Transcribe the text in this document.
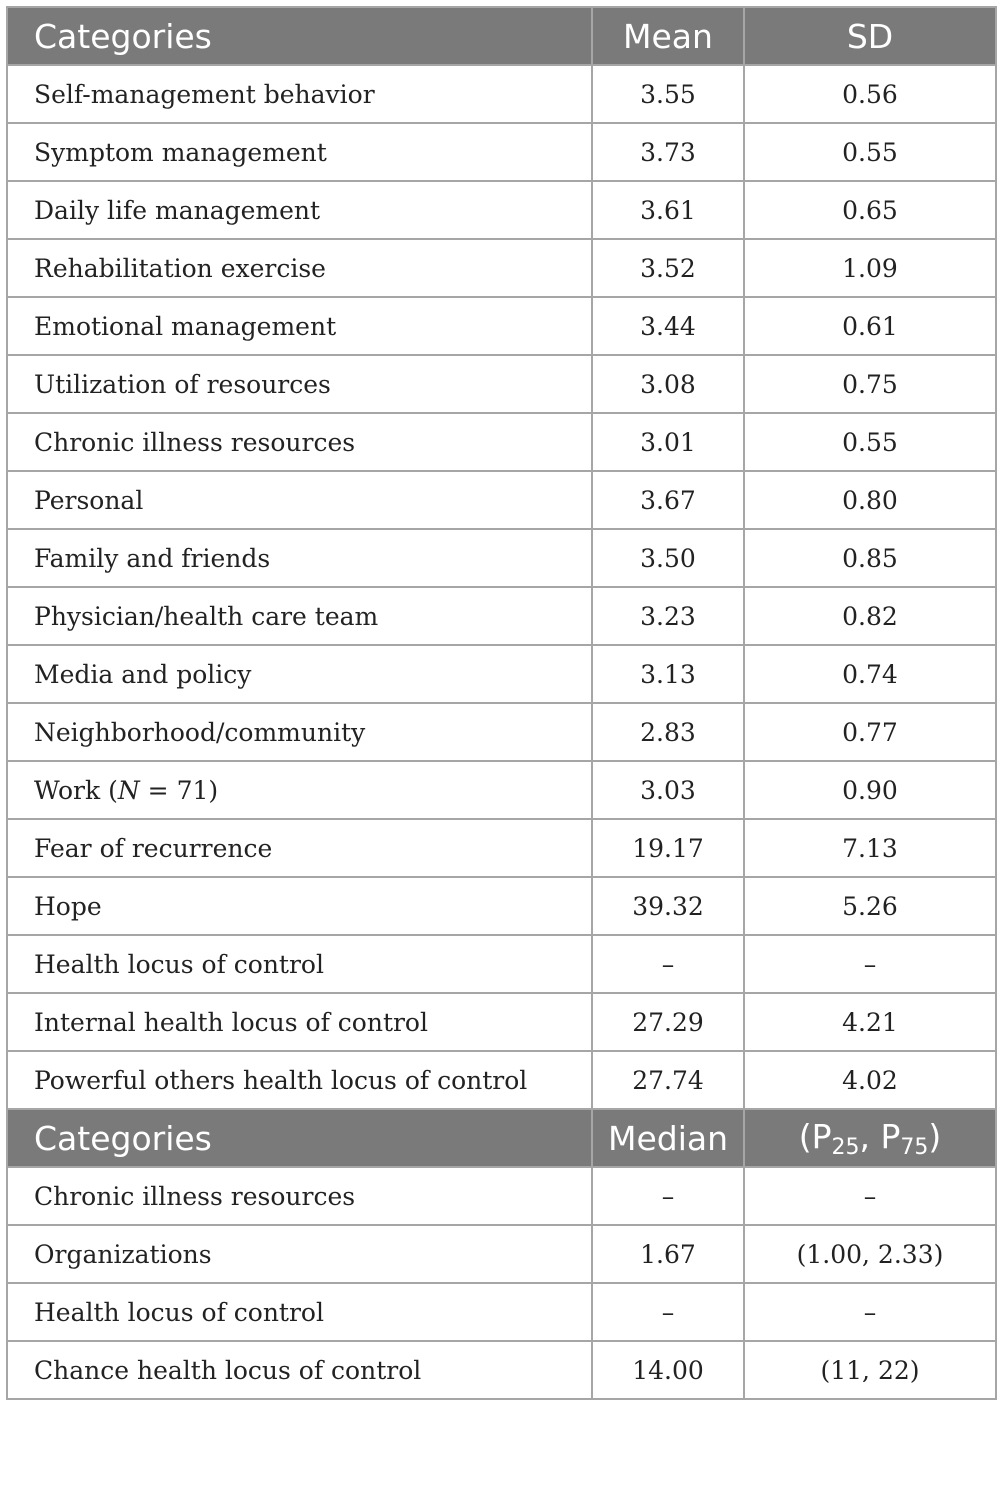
Categories	Mean	SD
Self-management behavior	3.55	0.56
Symptom management	3.73	0.55
Daily life management	3.61	0.65
Rehabilitation exercise	3.52	1.09
Emotional management	3.44	0.61
Utilization of resources	3.08	0.75
Chronic illness resources	3.01	0.55
Personal	3.67	0.80
Family and friends	3.50	0.85
Physician/health care team	3.23	0.82
Media and policy	3.13	0.74
Neighborhood/community	2.83	0.77
Work (N = 71)	3.03	0.90
Fear of recurrence	19.17	7.13
Hope	39.32	5.26
Health locus of control	–	–
Internal health locus of control	27.29	4.21
Powerful others health locus of control	27.74	4.02
Categories	Median	($P_{25}$, $P_{75}$)
Chronic illness resources	–	–
Organizations	1.67	(1.00, 2.33)
Health locus of control	–	–
Chance health locus of control	14.00	(11, 22)
